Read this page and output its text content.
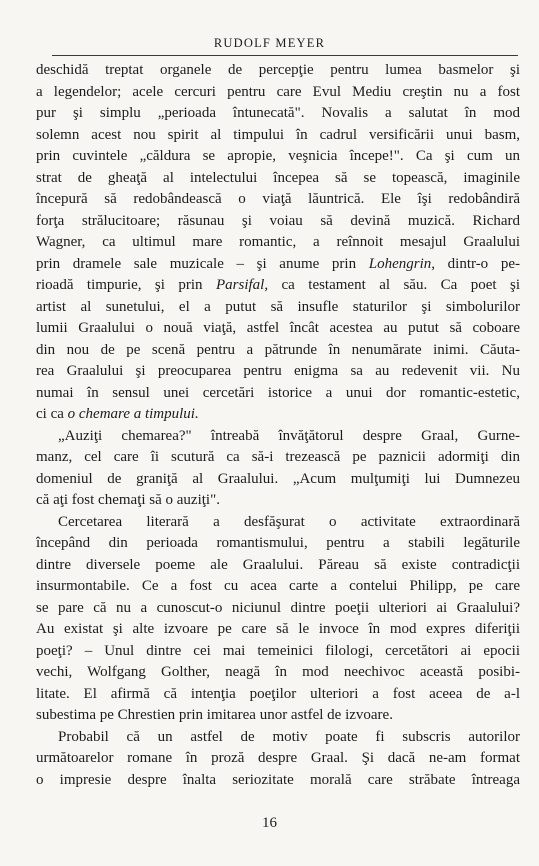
RUDOLF MEYER
deschidă treptat organele de percepţie pentru lumea basmelor şi
a legendelor; acele cercuri pentru care Evul Mediu creştin nu a fost
pur şi simplu „perioada întunecată". Novalis a salutat în mod
solemn acest nou spirit al timpului în cadrul versificării unui basm,
prin cuvintele „căldura se apropie, veşnicia începe!". Ca şi cum un
strat de gheaţă al intelectului începea să se topească, imaginile
începură să redobândească o viaţă lăuntrică. Ele îşi redobândiră
forţa strălucitoare; răsunau şi voiau să devină muzică. Richard
Wagner, ca ultimul mare romantic, a reînnoit mesajul Graalului
prin dramele sale muzicale – şi anume prin Lohengrin, dintr-o pe-
rioadă timpurie, şi prin Parsifal, ca testament al său. Ca poet şi
artist al sunetului, el a putut să insufle staturilor şi simbolurilor
lumii Graalului o nouă viaţă, astfel încât acestea au putut să coboare
din nou de pe scenă pentru a pătrunde în nenumărate inimi. Căuta-
rea Graalului şi preocuparea pentru enigma sa au redevenit vii. Nu
numai în sensul unei cercetări istorice a unui dor romantic-estetic,
ci ca o chemare a timpului.
„Auziţi chemarea?" întreabă învăţătorul despre Graal, Gurne-
manz, cel care îi scutură ca să-i trezească pe paznicii adormiţi din
domeniul de graniţă al Graalului. „Acum mulţumiţi lui Dumnezeu
că aţi fost chemaţi să o auziţi".
Cercetarea literară a desfăşurat o activitate extraordinară
începând din perioada romantismului, pentru a stabili legăturile
dintre diversele poeme ale Graalului. Păreau să existe contradicţii
insurmontabile. Ce a fost cu acea carte a contelui Philipp, pe care
se pare că nu a cunoscut-o niciunul dintre poeţii ulteriori ai Graalului?
Au existat şi alte izvoare pe care să le invoce în mod expres diferiţii
poeţi? – Unul dintre cei mai temeinici filologi, cercetători ai epocii
vechi, Wolfgang Golther, neagă în mod neechivoc această posibi-
litate. El afirmă că intenţia poeţilor ulteriori a fost aceea de a-l
subestima pe Chrestien prin imitarea unor astfel de izvoare.
Probabil că un astfel de motiv poate fi subscris autorilor
următoarelor romane în proză despre Graal. Şi dacă ne-am format
o impresie despre înalta seriozitate morală care străbate întreaga
16
